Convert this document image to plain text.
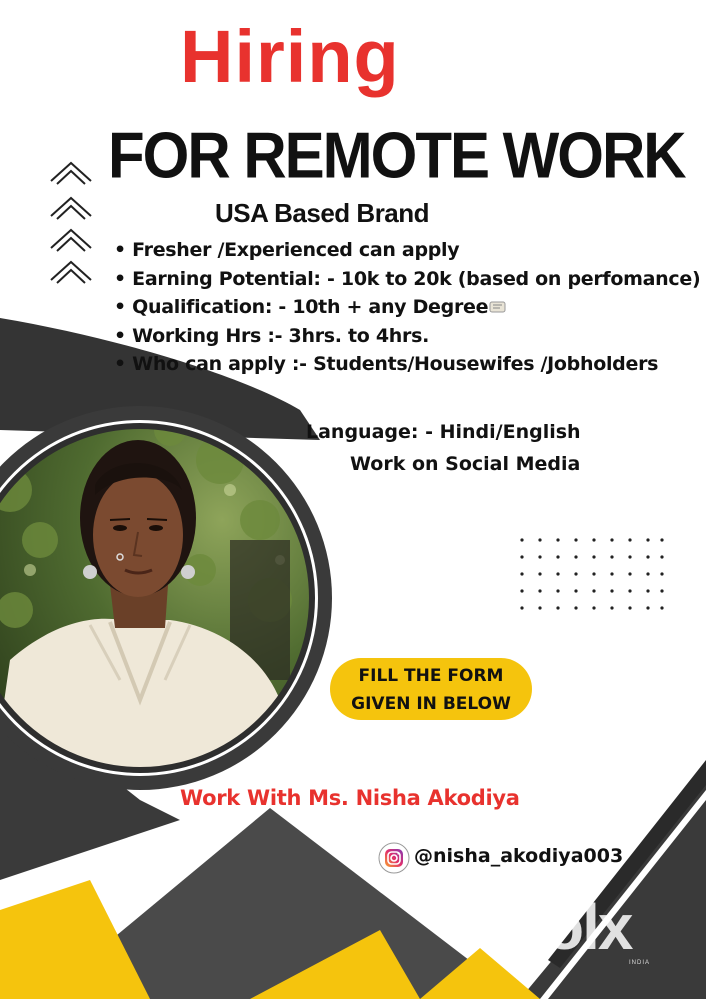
Hiring
FOR REMOTE WORK
USA Based Brand
• Fresher /Experienced can apply
• Earning Potential: - 10k to 20k (based on perfomance)
• Qualification: - 10th + any Degree
• Working Hrs :- 3hrs. to 4hrs.
• Who can apply :- Students/Housewifes /Jobholders
Language: - Hindi/English
Work on Social Media
FILL THE FORM
GIVEN IN BELOW
Work With Ms. Nisha Akodiya
@nisha_akodiya003
olx
INDIA
